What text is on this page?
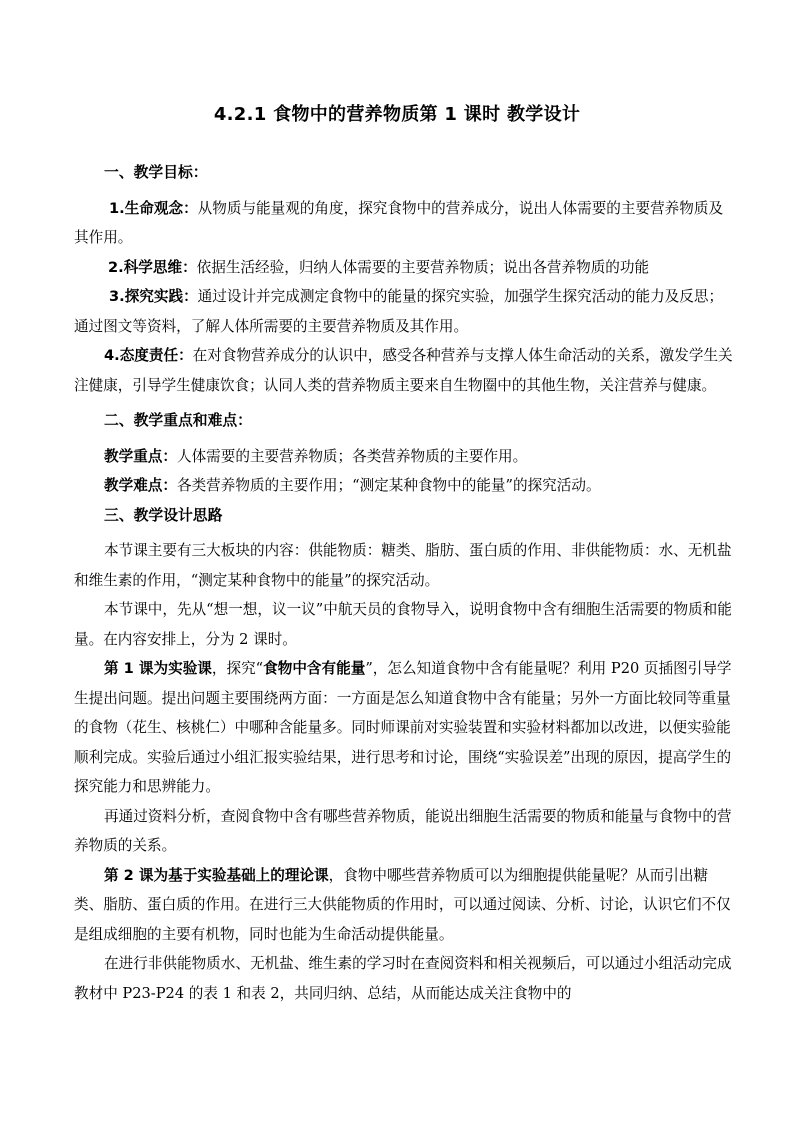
4.2.1 食物中的营养物质第 1 课时 教学设计

一、教学目标：

1.生命观念：从物质与能量观的角度，探究食物中的营养成分，说出人体需要的主要营养物质及其作用。

2.科学思维：依据生活经验，归纳人体需要的主要营养物质；说出各营养物质的功能

3.探究实践：通过设计并完成测定食物中的能量的探究实验，加强学生探究活动的能力及反思；通过图文等资料，了解人体所需要的主要营养物质及其作用。

4.态度责任：在对食物营养成分的认识中，感受各种营养与支撑人体生命活动的关系，激发学生关注健康，引导学生健康饮食；认同人类的营养物质主要来自生物圈中的其他生物，关注营养与健康。

二、教学重点和难点：

教学重点：人体需要的主要营养物质；各类营养物质的主要作用。

教学难点：各类营养物质的主要作用；“测定某种食物中的能量”的探究活动。

三、教学设计思路

本节课主要有三大板块的内容：供能物质：糖类、脂肪、蛋白质的作用、非供能物质：水、无机盐和维生素的作用，“测定某种食物中的能量”的探究活动。

本节课中，先从“想一想，议一议”中航天员的食物导入，说明食物中含有细胞生活需要的物质和能量。在内容安排上，分为 2 课时。

第 1 课为实验课，探究“食物中含有能量”，怎么知道食物中含有能量呢？利用 P20 页插图引导学生提出问题。提出问题主要围绕两方面：一方面是怎么知道食物中含有能量；另外一方面比较同等重量的食物（花生、核桃仁）中哪种含能量多。同时师课前对实验装置和实验材料都加以改进，以便实验能顺利完成。实验后通过小组汇报实验结果，进行思考和讨论，围绕“实验误差”出现的原因，提高学生的探究能力和思辨能力。

再通过资料分析，查阅食物中含有哪些营养物质，能说出细胞生活需要的物质和能量与食物中的营养物质的关系。

第 2 课为基于实验基础上的理论课，食物中哪些营养物质可以为细胞提供能量呢？从而引出糖类、脂肪、蛋白质的作用。在进行三大供能物质的作用时，可以通过阅读、分析、讨论，认识它们不仅是组成细胞的主要有机物，同时也能为生命活动提供能量。

在进行非供能物质水、无机盐、维生素的学习时在查阅资料和相关视频后，可以通过小组活动完成教材中 P23-P24 的表 1 和表 2，共同归纳、总结，从而能达成关注食物中的
